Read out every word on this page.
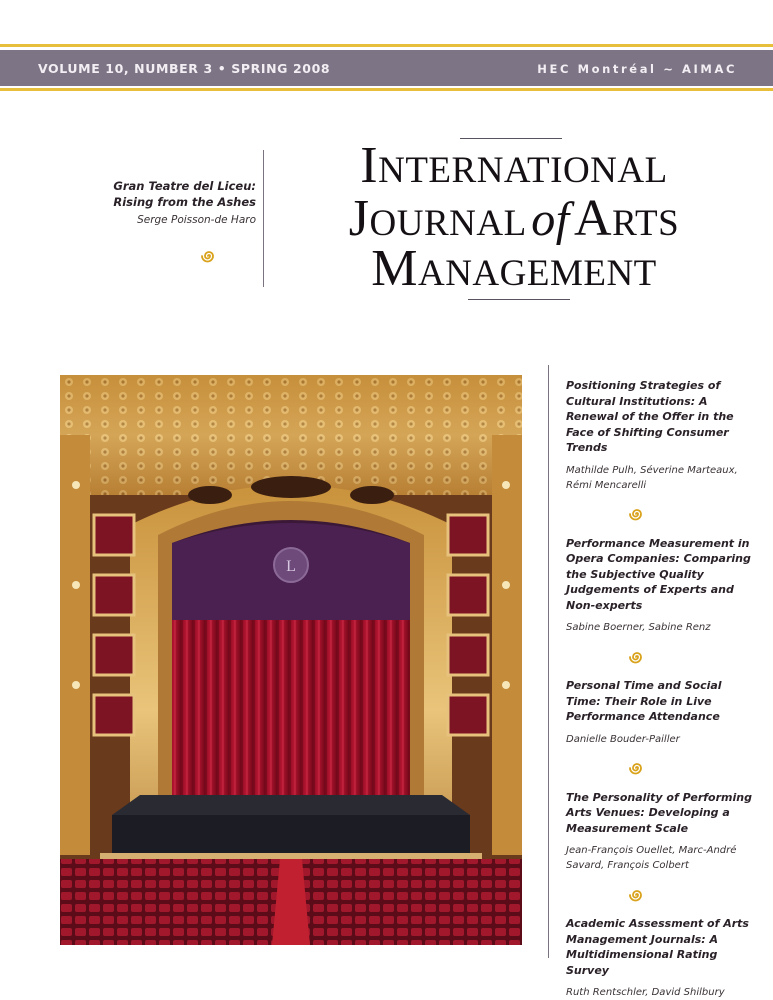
VOLUME 10, NUMBER 3 • SPRING 2008	HEC Montréal ~ AIMAC
Gran Teatre del Liceu:
Rising from the Ashes
Serge Poisson-de Haro
INTERNATIONAL
JOURNAL of ARTS
MANAGEMENT
L
Positioning Strategies of Cultural Institutions: A Renewal of the Offer in the Face of Shifting Consumer Trends
Mathilde Pulh, Séverine Marteaux, Rémi Mencarelli
Performance Measurement in Opera Companies: Comparing the Subjective Quality Judgements of Experts and Non-experts
Sabine Boerner, Sabine Renz
Personal Time and Social Time: Their Role in Live Performance Attendance
Danielle Bouder-Pailler
The Personality of Performing Arts Venues: Developing a Measurement Scale
Jean-François Ouellet, Marc-André Savard, François Colbert
Academic Assessment of Arts Management Journals: A Multidimensional Rating Survey
Ruth Rentschler, David Shilbury
